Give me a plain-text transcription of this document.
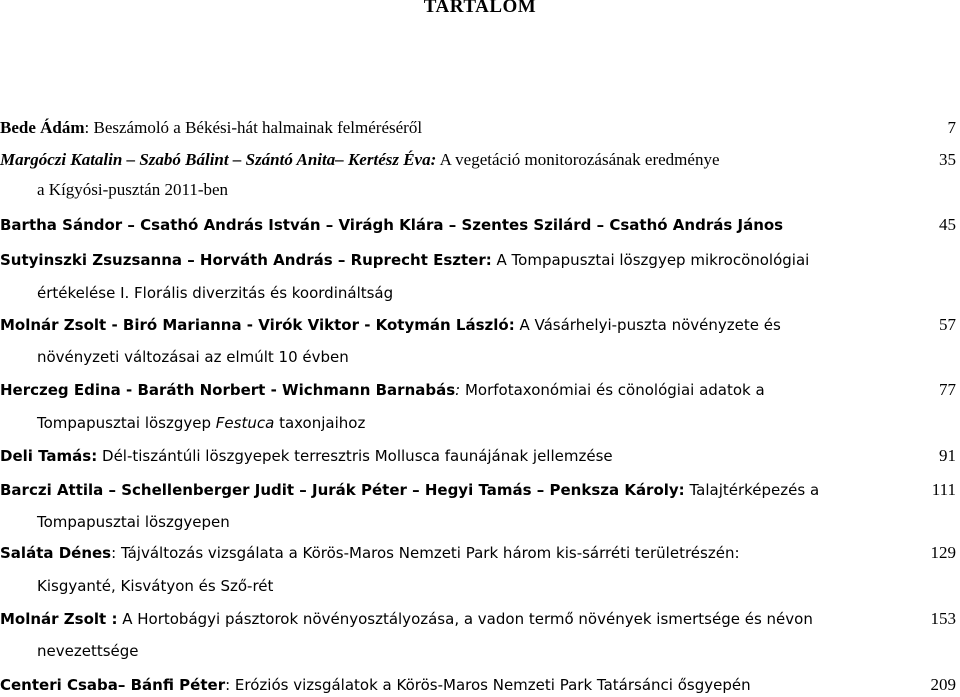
TARTALOM
Bede Ádám: Beszámoló a Békési-hát halmainak felméréséről	7
Margóczi Katalin – Szabó Bálint – Szántó Anita– Kertész Éva: A vegetáció monitorozásának eredménye	35
a Kígyósi-pusztán 2011-ben
Bartha Sándor – Csathó András István – Virágh Klára – Szentes Szilárd – Csathó András János	45
Sutyinszki Zsuzsanna – Horváth András – Ruprecht Eszter: A Tompapusztai löszgyep mikrocönológiai
értékelése I. Florális diverzitás és koordináltság
Molnár Zsolt - Biró Marianna - Virók Viktor - Kotymán László: A Vásárhelyi-puszta növényzete és	57
növényzeti változásai az elmúlt 10 évben
Herczeg Edina - Baráth Norbert - Wichmann Barnabás: Morfotaxonómiai és cönológiai adatok a	77
Tompapusztai löszgyep Festuca taxonjaihoz
Deli Tamás: Dél-tiszántúli löszgyepek terresztris Mollusca faunájának jellemzése	91
Barczi Attila – Schellenberger Judit – Jurák Péter – Hegyi Tamás – Penksza Károly: Talajtérképezés a	111
Tompapusztai löszgyepen
Saláta Dénes: Tájváltozás vizsgálata a Körös-Maros Nemzeti Park három kis-sárréti területrészén:	129
Kisgyanté, Kisvátyon és Sző-rét
Molnár Zsolt : A Hortobágyi pásztorok növényosztályozása, a vadon termő növények ismertsége és névon	153
nevezettsége
Centeri Csaba– Bánfi Péter: Eróziós vizsgálatok a Körös-Maros Nemzeti Park Tatársánci ősgyepén	209
